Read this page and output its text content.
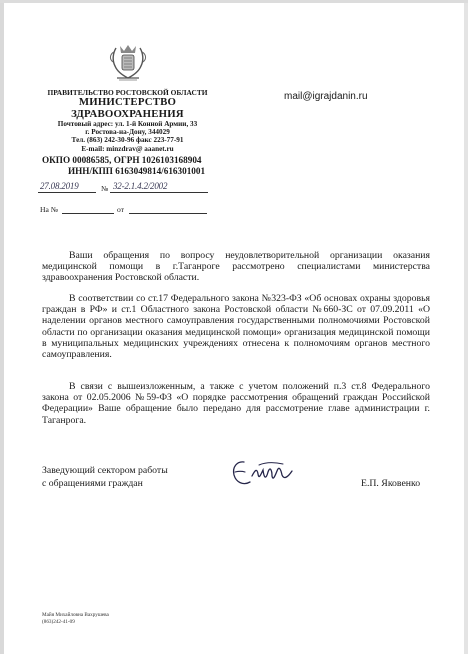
ПРАВИТЕЛЬСТВО РОСТОВСКОЙ ОБЛАСТИ
МИНИСТЕРСТВО
ЗДРАВООХРАНЕНИЯ
Почтовый адрес: ул. 1-й Конной Армии, 33
г. Ростова-на-Дону, 344029
Тел. (863) 242-30-96 факс 223-77-91
E-mail: minzdrav@ aaanet.ru
ОКПО 00086585, ОГРН 1026103168904
ИНН/КПП 6163049814/616301001
mail@igrajdanin.ru
27.08.2019	№ 32-2.1.4.2/2002
На №	от

Ваши обращения по вопросу неудовлетворительной организации оказания медицинской помощи в г.Таганроге рассмотрено специалистами министерства здравоохранения Ростовской области.

В соответствии со ст.17 Федерального закона №323-ФЗ «Об основах охраны здоровья граждан в РФ» и ст.1 Областного закона Ростовской области №660-ЗС от 07.09.2011 «О наделении органов местного самоуправления государственными полномочиями Ростовской области по организации оказания медицинской помощи» организация медицинской помощи в муниципальных медицинских учреждениях отнесена к полномочиям органов местного самоуправления.

В связи с вышеизложенным, а также с учетом положений п.3 ст.8 Федерального закона от 02.05.2006 №59-ФЗ «О порядке рассмотрения обращений граждан Российской Федерации» Ваше обращение было передано для рассмотрение главе администрации г. Таганрога.

Заведующий сектором работы
с обращениями граждан	Е.П. Яковенко
Майя Михайловна Вахрушева
(863)242-41-09
